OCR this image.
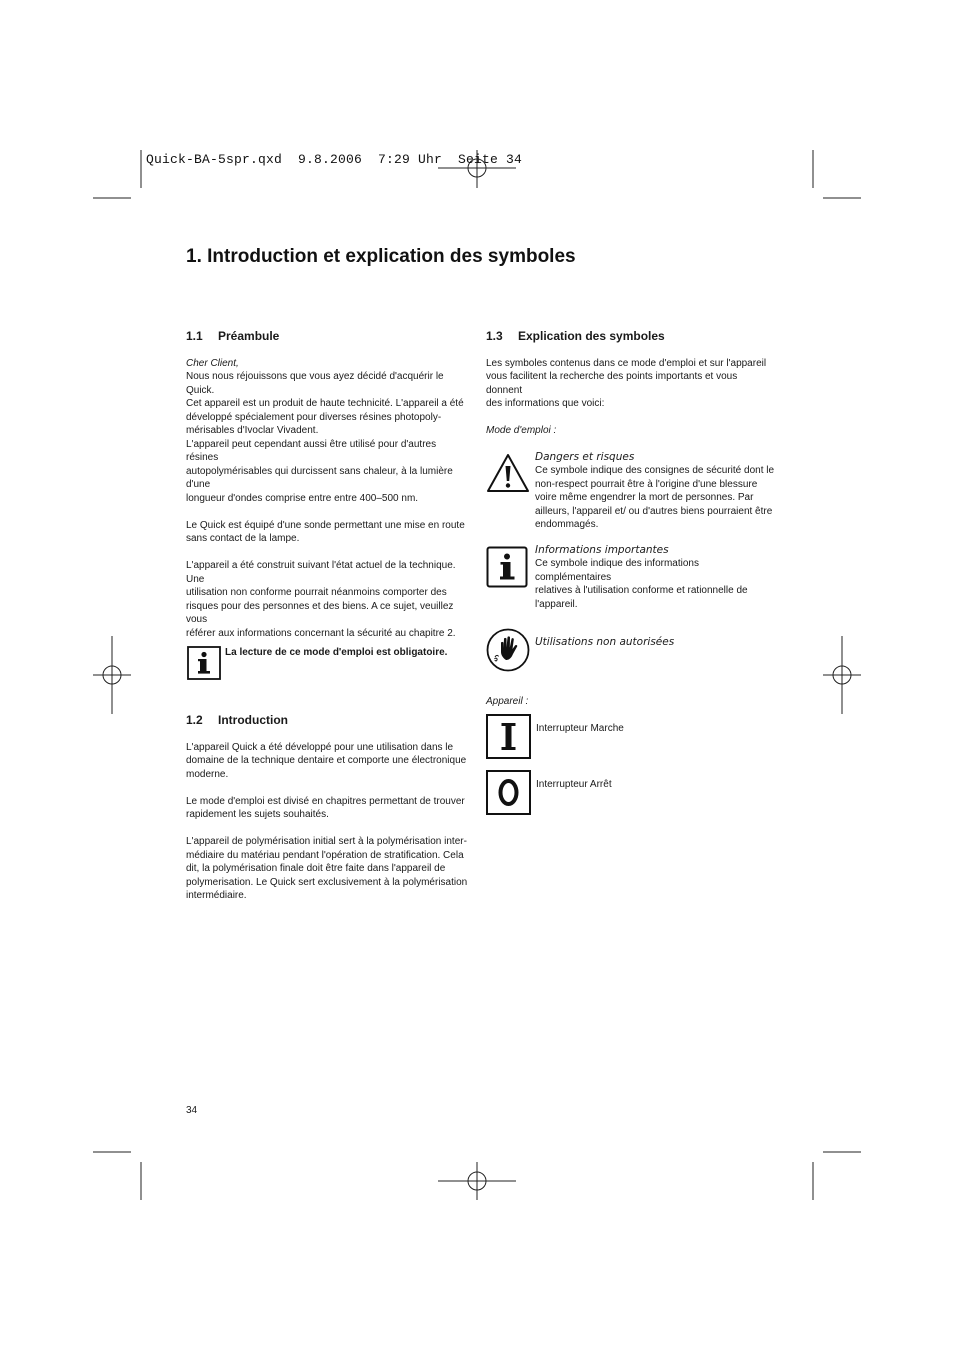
Quick-BA-5spr.qxd  9.8.2006  7:29 Uhr  Seite 34
1. Introduction et explication des symboles
1.1 Préambule

Cher Client,

Nous nous réjouissons que vous ayez décidé d'acquérir le Quick.

Cet appareil est un produit de haute technicité. L'appareil a été

développé spécialement pour diverses résines photopoly-

mérisables d'Ivoclar Vivadent.

L'appareil peut cependant aussi être utilisé pour d'autres résines

autopolymérisables qui durcissent sans chaleur, à la lumière d'une

longueur d'ondes comprise entre entre 400–500 nm.

Le Quick est équipé d'une sonde permettant une mise en route

sans contact de la lampe.

L'appareil a été construit suivant l'état actuel de la technique. Une

utilisation non conforme pourrait néanmoins comporter des

risques pour des personnes et des biens. A ce sujet, veuillez vous

référer aux informations concernant la sécurité au chapitre 2.

La lecture de ce mode d'emploi est obligatoire.
1.2 Introduction

L'appareil Quick a été développé pour une utilisation dans le

domaine de la technique dentaire et comporte une électronique

moderne.

Le mode d'emploi est divisé en chapitres permettant de trouver

rapidement les sujets souhaités.

L'appareil de polymérisation initial sert à la polymérisation inter-

médiaire du matériau pendant l'opération de stratification. Cela

dit, la polymérisation finale doit être faite dans l'appareil de

polymerisation. Le Quick sert exclusivement à la polymérisation

intermédiaire.

1.3 Explication des symboles

Les symboles contenus dans ce mode d'emploi et sur l'appareil

vous facilitent la recherche des points importants et vous donnent

des informations que voici:

Mode d'emploi :

Dangers et risques

Ce symbole indique des consignes de sécurité dont le

non-respect pourrait être à l'origine d'une blessure

voire même engendrer la mort de personnes. Par

ailleurs, l'appareil et/ ou d'autres biens pourraient être

endommagés.

Informations importantes

Ce symbole indique des informations complémentaires

relatives à l'utilisation conforme et rationnelle de

l'appareil.

Utilisations non autorisées

Appareil :

Interrupteur Marche

Interrupteur Arrêt

34
